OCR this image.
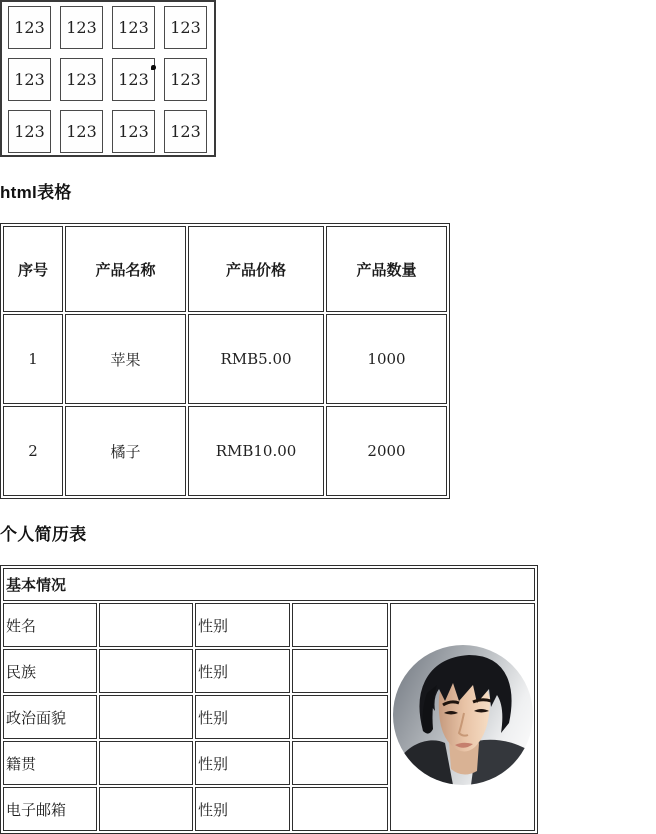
123	123	123	123
123	123	123	123
123	123	123	123
html表格
序号	产品名称	产品价格	产品数量
1	苹果	RMB5.00	1000
2	橘子	RMB10.00	2000
个人简历表
基本情况				
姓名		性别		
民族		性别		
政治面貌		性别		
籍贯		性别		
电子邮箱		性别		
